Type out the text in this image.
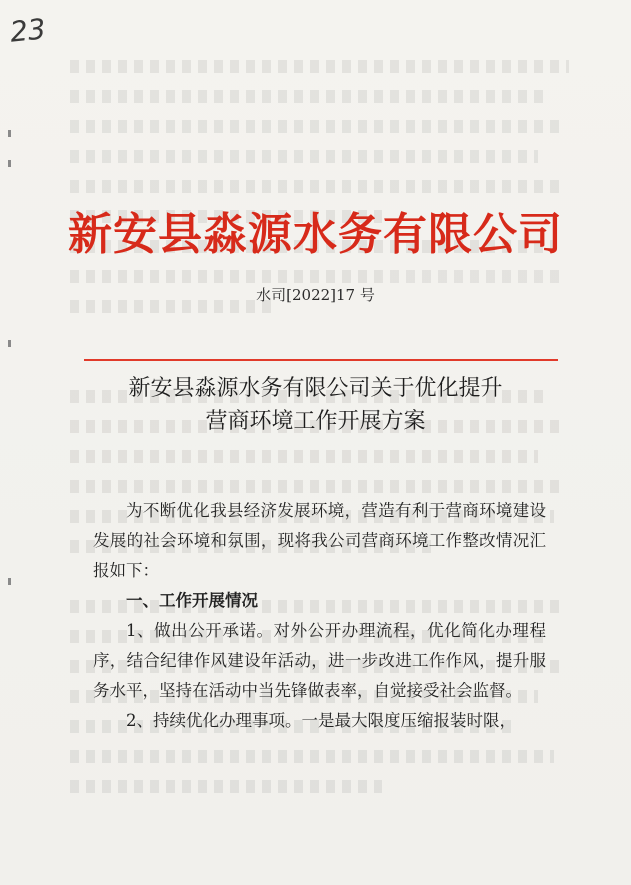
23
新安县淼源水务有限公司
水司[2022]17 号
新安县淼源水务有限公司关于优化提升
营商环境工作开展方案

为不断优化我县经济发展环境，营造有利于营商环境建设发展的社会环境和氛围，现将我公司营商环境工作整改情况汇报如下：

一、工作开展情况

1、做出公开承诺。对外公开办理流程，优化简化办理程序，结合纪律作风建设年活动，进一步改进工作作风，提升服务水平，坚持在活动中当先锋做表率，自觉接受社会监督。

2、持续优化办理事项。一是最大限度压缩报装时限，
